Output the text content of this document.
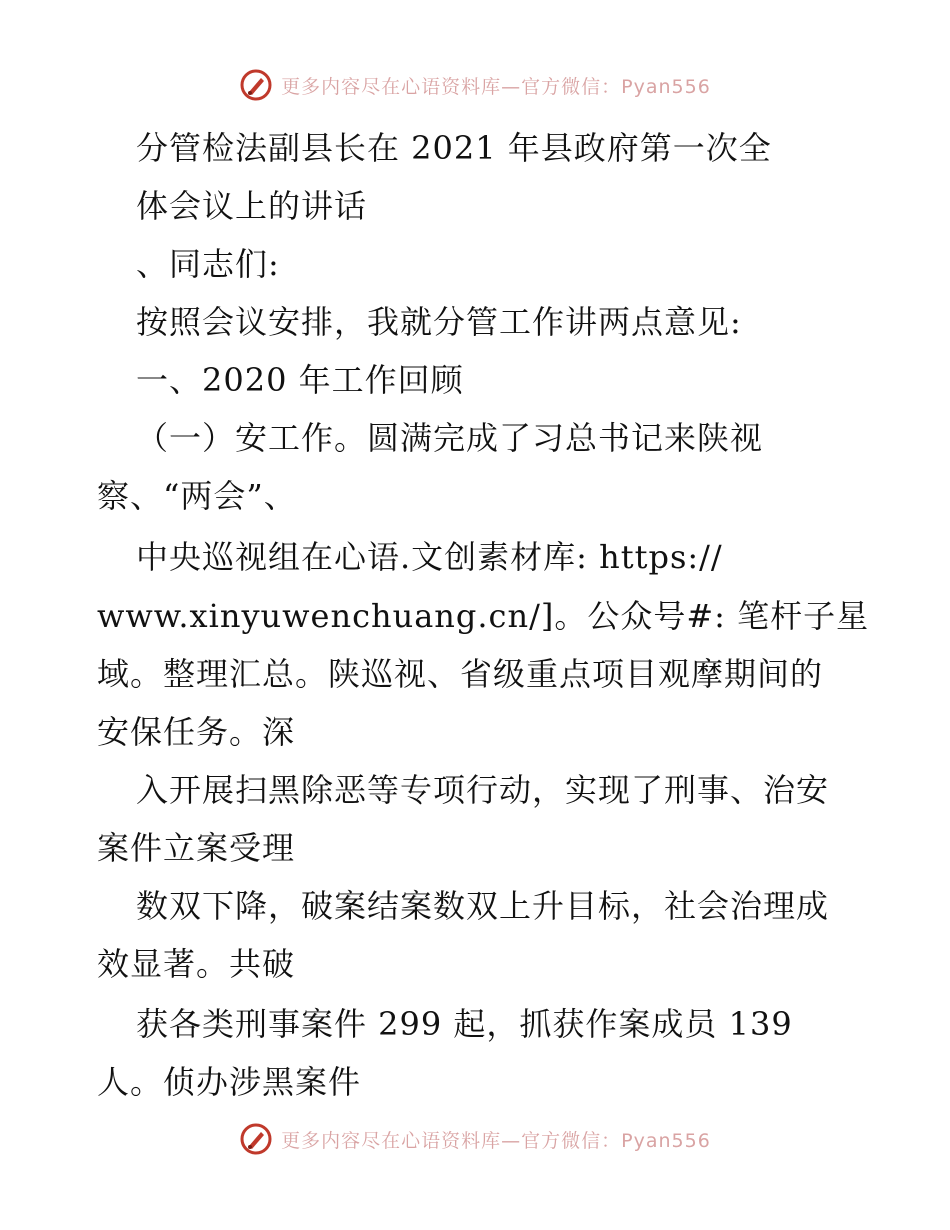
更多内容尽在心语资料库—官方微信：Pyan556
分管检法副县长在 2021 年县政府第一次全
体会议上的讲话
、同志们:
按照会议安排，我就分管工作讲两点意见:
一、2020 年工作回顾
（一）安工作。圆满完成了习总书记来陕视
察、“两会”、
中央巡视组在心语.文创素材库: https://
www.xinyuwenchuang.cn/]。公众号#: 笔杆子星
域。整理汇总。陕巡视、省级重点项目观摩期间的
安保任务。深
入开展扫黑除恶等专项行动，实现了刑事、治安
案件立案受理
数双下降，破案结案数双上升目标，社会治理成
效显著。共破
获各类刑事案件 299 起，抓获作案成员 139
人。侦办涉黑案件
更多内容尽在心语资料库—官方微信：Pyan556
